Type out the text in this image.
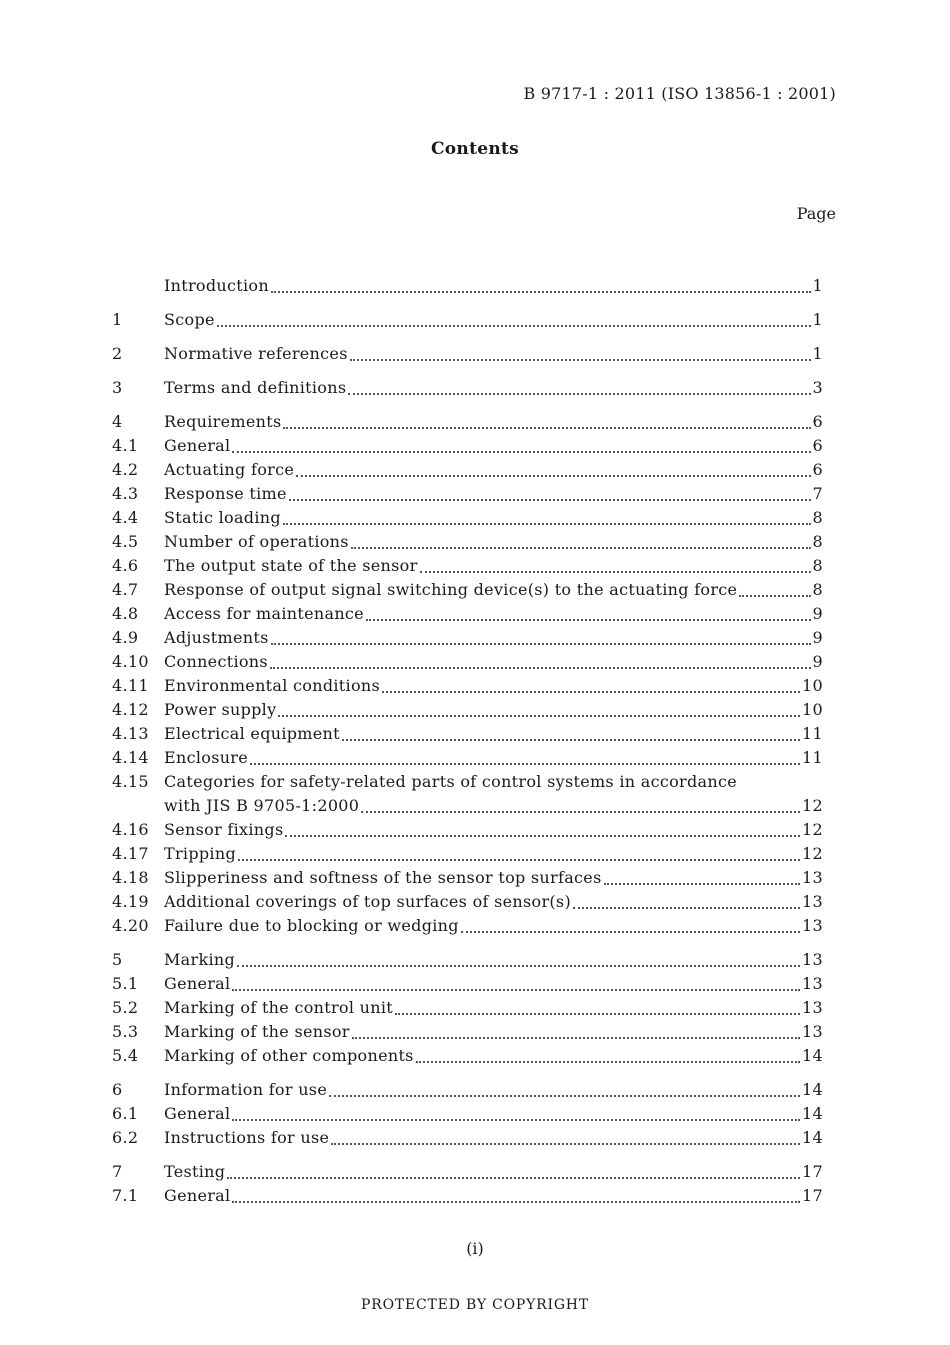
B 9717-1 : 2011 (ISO 13856-1 : 2001)
Contents
Page
Introduction	1
1	Scope	1
2	Normative references	1
3	Terms and definitions	3
4	Requirements	6
4.1	General	6
4.2	Actuating force	6
4.3	Response time	7
4.4	Static loading	8
4.5	Number of operations	8
4.6	The output state of the sensor	8
4.7	Response of output signal switching device(s) to the actuating force	8
4.8	Access for maintenance	9
4.9	Adjustments	9
4.10 Connections	9
4.11 Environmental conditions	10
4.12 Power supply	10
4.13 Electrical equipment	11
4.14 Enclosure	11
4.15 Categories for safety-related parts of control systems in accordance
with JIS B 9705-1:2000	12
4.16 Sensor fixings	12
4.17 Tripping	12
4.18 Slipperiness and softness of the sensor top surfaces	13
4.19 Additional coverings of top surfaces of sensor(s)	13
4.20 Failure due to blocking or wedging	13
5	Marking	13
5.1	General	13
5.2	Marking of the control unit	13
5.3	Marking of the sensor	13
5.4	Marking of other components	14
6	Information for use	14
6.1	General	14
6.2	Instructions for use	14
7	Testing	17
7.1	General	17
(i)
PROTECTED BY COPYRIGHT
